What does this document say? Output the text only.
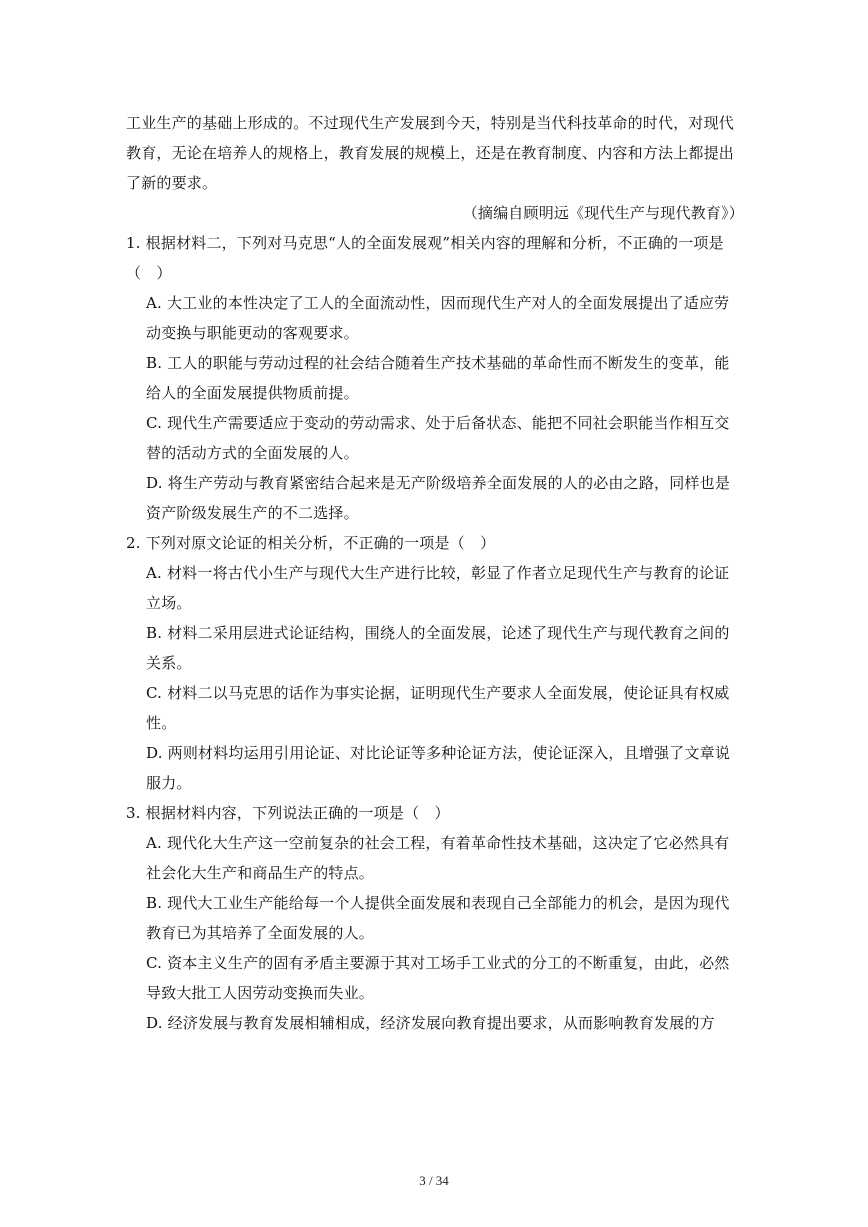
工业生产的基础上形成的。不过现代生产发展到今天，特别是当代科技革命的时代，对现代教育，无论在培养人的规格上，教育发展的规模上，还是在教育制度、内容和方法上都提出了新的要求。

（摘编自顾明远《现代生产与现代教育》）

1. 根据材料二，下列对马克思“人的全面发展观”相关内容的理解和分析，不正确的一项是（　）

A. 大工业的本性决定了工人的全面流动性，因而现代生产对人的全面发展提出了适应劳动变换与职能更动的客观要求。

B. 工人的职能与劳动过程的社会结合随着生产技术基础的革命性而不断发生的变革，能给人的全面发展提供物质前提。

C. 现代生产需要适应于变动的劳动需求、处于后备状态、能把不同社会职能当作相互交替的活动方式的全面发展的人。

D. 将生产劳动与教育紧密结合起来是无产阶级培养全面发展的人的必由之路，同样也是资产阶级发展生产的不二选择。

2. 下列对原文论证的相关分析，不正确的一项是（　）

A. 材料一将古代小生产与现代大生产进行比较，彰显了作者立足现代生产与教育的论证立场。

B. 材料二采用层进式论证结构，围绕人的全面发展，论述了现代生产与现代教育之间的关系。

C. 材料二以马克思的话作为事实论据，证明现代生产要求人全面发展，使论证具有权威性。

D. 两则材料均运用引用论证、对比论证等多种论证方法，使论证深入，且增强了文章说服力。

3. 根据材料内容，下列说法正确的一项是（　）

A. 现代化大生产这一空前复杂的社会工程，有着革命性技术基础，这决定了它必然具有社会化大生产和商品生产的特点。

B. 现代大工业生产能给每一个人提供全面发展和表现自己全部能力的机会，是因为现代教育已为其培养了全面发展的人。

C. 资本主义生产的固有矛盾主要源于其对工场手工业式的分工的不断重复，由此，必然导致大批工人因劳动变换而失业。

D. 经济发展与教育发展相辅相成，经济发展向教育提出要求，从而影响教育发展的方

3 / 34
